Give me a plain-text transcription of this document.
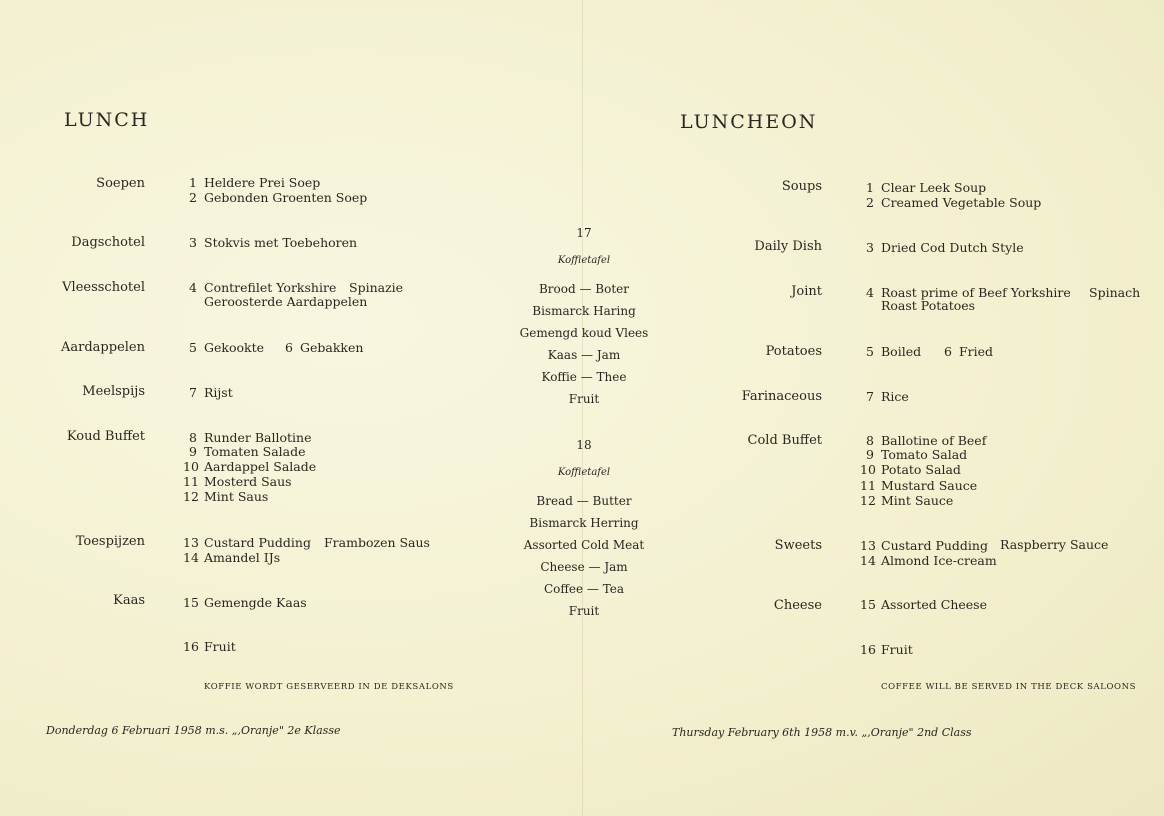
LUNCH
Soepen	1 Heldere Prei Soep
2 Gebonden Groenten Soep
Dagschotel	3 Stokvis met Toebehoren
Vleesschotel	4 Contrefilet Yorkshire Spinazie
Geroosterde Aardappelen
Aardappelen	5 Gekookte	6 Gebakken
Meelspijs	7 Rijst
Koud Buffet	8 Runder Ballotine
9 Tomaten Salade
10 Aardappel Salade
11 Mosterd Saus
12 Mint Saus
Toespijzen	13 Custard Pudding Frambozen Saus
14 Amandel IJs
Kaas	15 Gemengde Kaas
16 Fruit
KOFFIE WORDT GESERVEERD IN DE DEKSALONS
Donderdag 6 Februari 1958 m.s. „,Oranje" 2e Klasse
17
Koffietafel
Brood — Boter
Bismarck Haring
Gemengd koud Vlees
Kaas — Jam
Koffie — Thee
Fruit
18
Koffietafel
Bread — Butter
Bismarck Herring
Assorted Cold Meat
Cheese — Jam
Coffee — Tea
Fruit
LUNCHEON
Soups	1 Clear Leek Soup
2 Creamed Vegetable Soup
Daily Dish	3 Dried Cod Dutch Style
Joint	4 Roast prime of Beef Yorkshire Spinach
Roast Potatoes
Potatoes	5 Boiled	6 Fried
Farinaceous	7 Rice
Cold Buffet	8 Ballotine of Beef
9 Tomato Salad
10 Potato Salad
11 Mustard Sauce
12 Mint Sauce
Sweets	13 Custard Pudding Raspberry Sauce
14 Almond Ice-cream
Cheese	15 Assorted Cheese
16 Fruit
COFFEE WILL BE SERVED IN THE DECK SALOONS
Thursday February 6th 1958 m.v. „,Oranje" 2nd Class
